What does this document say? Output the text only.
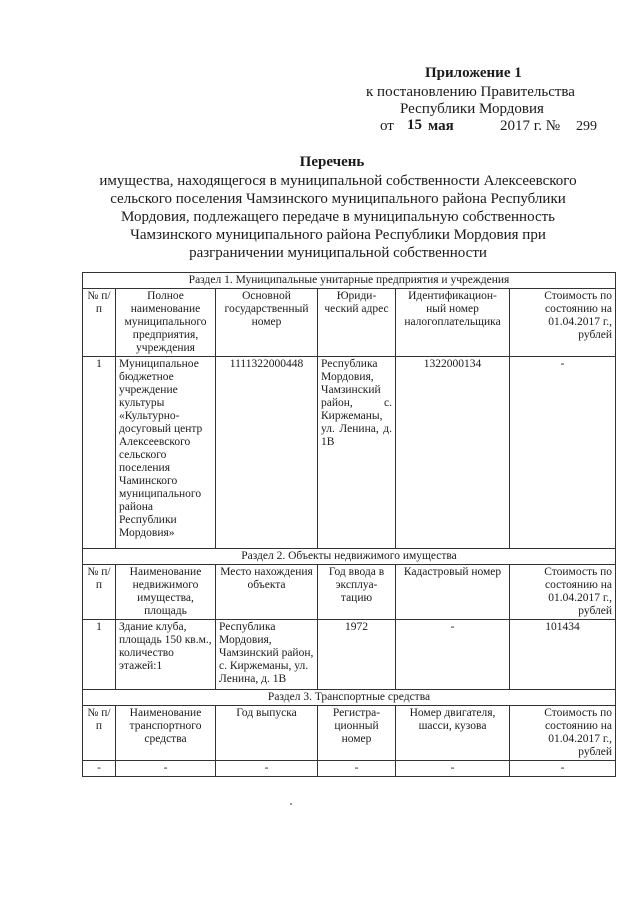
Приложение 1
к постановлению Правительства
Республики Мордовия
от 15 мая	2017 г. № 299
Перечень
имущества, находящегося в муниципальной собственности Алексеевского
сельского поселения Чамзинского муниципального района Республики
Мордовия, подлежащего передаче в муниципальную собственность
Чамзинского муниципального района Республики Мордовия при
разграничении муниципальной собственности
Раздел 1. Муниципальные унитарные предприятия и учреждения					
№ п/п	Полное наименование муниципального предприятия, учреждения	Основной государственный номер	Юриди-ческий адрес	Идентификацион-ный номер налогоплательщика	Стоимость по состоянию на 01.04.2017 г., рублей
1	Муниципальное бюджетное учреждение культуры «Культурно-досуговый центр Алексеевского сельского поселения Чаминского муниципального района Республики Мордовия»	1111322000448	Республика Мордовия, Чамзинский район, с. Киржеманы, ул. Ленина, д. 1В	1322000134	-
Раздел 2. Объекты недвижимого имущества					
№ п/п	Наименование недвижимого имущества, площадь	Место нахождения объекта	Год ввода в эксплуа-тацию	Кадастровый номер	Стоимость по состоянию на 01.04.2017 г., рублей
1	Здание клуба, площадь 150 кв.м., количество этажей:1	Республика Мордовия, Чамзинский район, с. Киржеманы, ул. Ленина, д. 1В	1972	-	101434
Раздел 3. Транспортные средства					
№ п/п	Наименование транспортного средства	Год выпуска	Регистра-ционный номер	Номер двигателя, шасси, кузова	Стоимость по состоянию на 01.04.2017 г., рублей
-	-	-	-	-	-
